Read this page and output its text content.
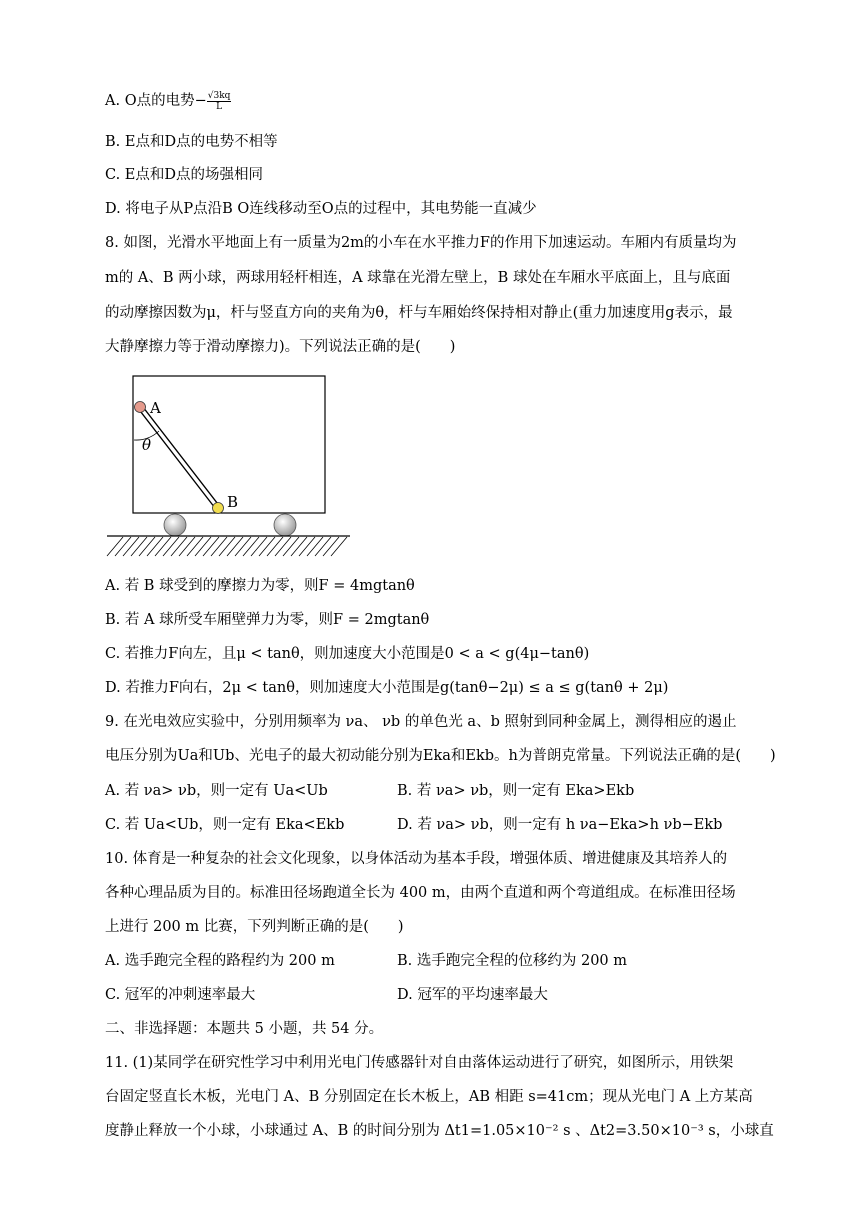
A. O点的电势− $\frac{√3kq}{L}$
B. E点和D点的电势不相等
C. E点和D点的场强相同
D. 将电子从P点沿B O连线移动至O点的过程中，其电势能一直减少
8. 如图，光滑水平地面上有一质量为2m的小车在水平推力F的作用下加速运动。车厢内有质量均为
m的 A、B 两小球，两球用轻杆相连，A 球靠在光滑左壁上，B 球处在车厢水平底面上，且与底面
的动摩擦因数为μ，杆与竖直方向的夹角为θ，杆与车厢始终保持相对静止(重力加速度用g表示，最
大静摩擦力等于滑动摩擦力)。下列说法正确的是(　　)
A
θ
B
A. 若 B 球受到的摩擦力为零，则F = 4mgtanθ
B. 若 A 球所受车厢壁弹力为零，则F = 2mgtanθ
C. 若推力F向左，且μ < tanθ，则加速度大小范围是0 < a < g(4μ−tanθ)
D. 若推力F向右，2μ < tanθ，则加速度大小范围是g(tanθ−2μ) ≤ a ≤ g(tanθ + 2μ)
9. 在光电效应实验中，分别用频率为 νa、 νb 的单色光 a、b 照射到同种金属上，测得相应的遏止
电压分别为Ua和Ub、光电子的最大初动能分别为Eka和Ekb。h为普朗克常量。下列说法正确的是(　　)
A. 若 νa> νb，则一定有 Ua<Ub	B. 若 νa> νb，则一定有 Eka>Ekb
C. 若 Ua<Ub，则一定有 Eka<Ekb	D. 若 νa> νb，则一定有 h νa−Eka>h νb−Ekb
10. 体育是一种复杂的社会文化现象，以身体活动为基本手段，增强体质、增进健康及其培养人的
各种心理品质为目的。标准田径场跑道全长为 400 m，由两个直道和两个弯道组成。在标准田径场
上进行 200 m 比赛，下列判断正确的是(　　)
A. 选手跑完全程的路程约为 200 m	B. 选手跑完全程的位移约为 200 m
C. 冠军的冲刺速率最大	D. 冠军的平均速率最大
二、非选择题：本题共 5 小题，共 54 分。
11. (1)某同学在研究性学习中利用光电门传感器针对自由落体运动进行了研究，如图所示，用铁架
台固定竖直长木板，光电门 A、B 分别固定在长木板上，AB 相距 s=41cm；现从光电门 A 上方某高
度静止释放一个小球，小球通过 A、B 的时间分别为 Δt1=1.05×10⁻² s 、Δt2=3.50×10⁻³ s，小球直
